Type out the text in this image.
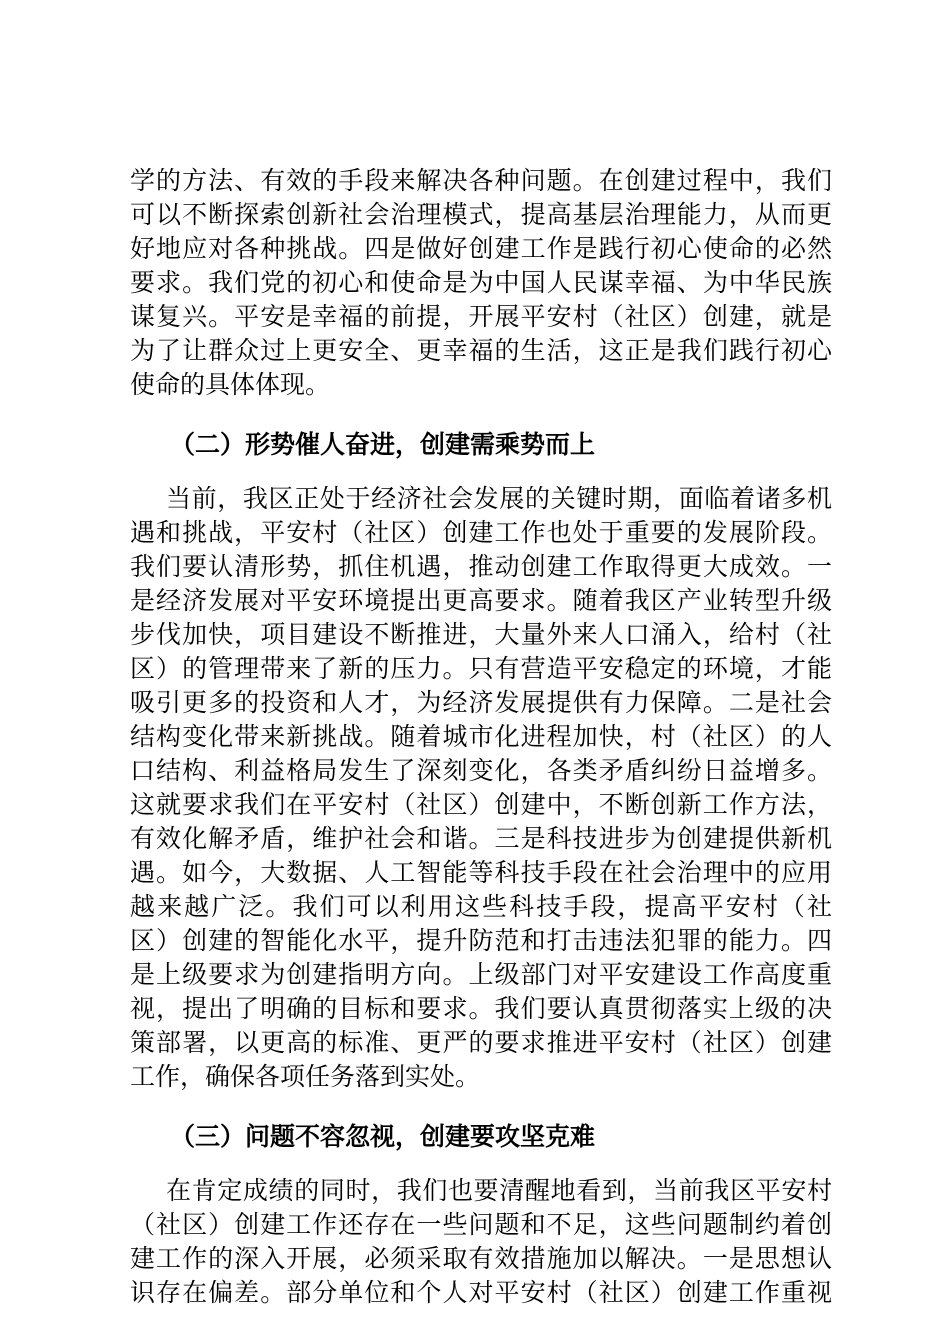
学的方法、有效的手段来解决各种问题。在创建过程中，我们

可以不断探索创新社会治理模式，提高基层治理能力，从而更

好地应对各种挑战。四是做好创建工作是践行初心使命的必然

要求。我们党的初心和使命是为中国人民谋幸福、为中华民族

谋复兴。平安是幸福的前提，开展平安村（社区）创建，就是

为了让群众过上更安全、更幸福的生活，这正是我们践行初心

使命的具体体现。

（二）形势催人奋进，创建需乘势而上

当前，我区正处于经济社会发展的关键时期，面临着诸多机

遇和挑战，平安村（社区）创建工作也处于重要的发展阶段。

我们要认清形势，抓住机遇，推动创建工作取得更大成效。一

是经济发展对平安环境提出更高要求。随着我区产业转型升级

步伐加快，项目建设不断推进，大量外来人口涌入，给村（社

区）的管理带来了新的压力。只有营造平安稳定的环境，才能

吸引更多的投资和人才，为经济发展提供有力保障。二是社会

结构变化带来新挑战。随着城市化进程加快，村（社区）的人

口结构、利益格局发生了深刻变化，各类矛盾纠纷日益增多。

这就要求我们在平安村（社区）创建中，不断创新工作方法，

有效化解矛盾，维护社会和谐。三是科技进步为创建提供新机

遇。如今，大数据、人工智能等科技手段在社会治理中的应用

越来越广泛。我们可以利用这些科技手段，提高平安村（社

区）创建的智能化水平，提升防范和打击违法犯罪的能力。四

是上级要求为创建指明方向。上级部门对平安建设工作高度重

视，提出了明确的目标和要求。我们要认真贯彻落实上级的决

策部署，以更高的标准、更严的要求推进平安村（社区）创建

工作，确保各项任务落到实处。

（三）问题不容忽视，创建要攻坚克难

在肯定成绩的同时，我们也要清醒地看到，当前我区平安村

（社区）创建工作还存在一些问题和不足，这些问题制约着创

建工作的深入开展，必须采取有效措施加以解决。一是思想认

识存在偏差。部分单位和个人对平安村（社区）创建工作重视
